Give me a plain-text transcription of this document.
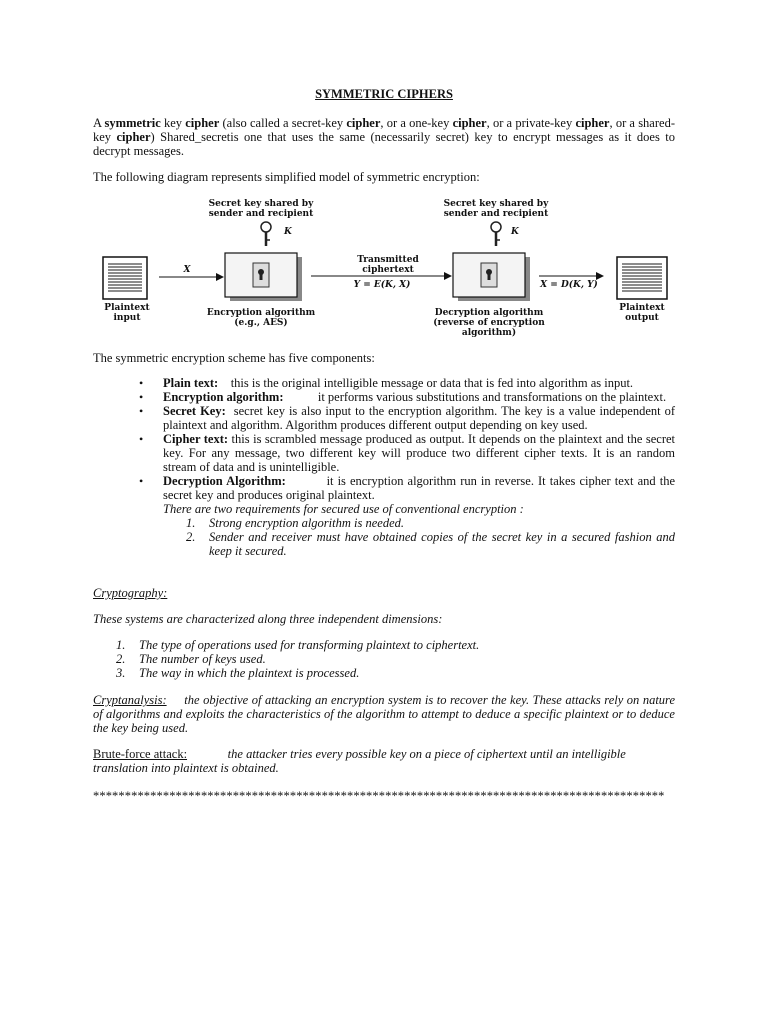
SYMMETRIC CIPHERS
A symmetric key cipher (also called a secret-key cipher, or a one-key cipher, or a private-key cipher, or a shared-key cipher) Shared_secretis one that uses the same (necessarily secret) key to encrypt messages as it does to decrypt messages.
The following diagram represents simplified model of symmetric encryption:
Plaintext input
X
Encryption algorithm
(e.g., AES)
Secret key shared by sender and recipient
K
Transmitted ciphertext
Y = E(K, X)
Decryption algorithm
(reverse of encryption
algorithm)
Secret key shared by sender and recipient
K
X = D(K, Y)
Plaintext output
The symmetric encryption scheme has five components:
• Plain text: this is the original intelligible message or data that is fed into algorithm as input.
• Encryption algorithm:	it performs various substitutions and transformations on the plaintext.
• Secret Key: secret key is also input to the encryption algorithm. The key is a value independent of plaintext and algorithm. Algorithm produces different output depending on key used.
• Cipher text: this is scrambled message produced as output. It depends on the plaintext and the secret key. For any message, two different key will produce two different cipher texts. It is an random stream of data and is unintelligible.
• Decryption Algorithm:	it is encryption algorithm run in reverse. It takes cipher text and the secret key and produces original plaintext.
There are two requirements for secured use of conventional encryption :
1. Strong encryption algorithm is needed.
2. Sender and receiver must have obtained copies of the secret key in a secured fashion and keep it secured.
Cryptography:
These systems are characterized along three independent dimensions:
1. The type of operations used for transforming plaintext to ciphertext.
2. The number of keys used.
3. The way in which the plaintext is processed.
Cryptanalysis: the objective of attacking an encryption system is to recover the key. These attacks rely on nature of algorithms and exploits the characteristics of the algorithm to attempt to deduce a specific plaintext or to deduce the key being used.
Brute-force attack:	the attacker tries every possible key on a piece of ciphertext until an intelligible translation into plaintext is obtained.
******************************************************************************************
